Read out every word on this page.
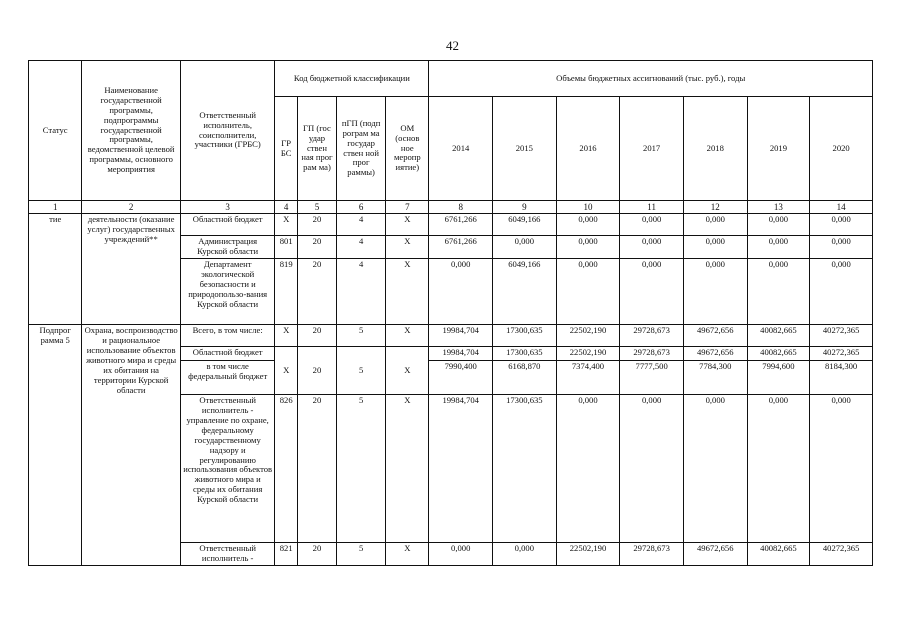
42
Статус	Наименование государственной программы, подпрограммы государственной программы, ведомственной целевой программы, основного мероприятия	Ответственный исполнитель, соисполнители, участники (ГРБС)	Код бюджетной классификации				Объемы бюджетных ассигнований (тыс. руб.), годы						
			ГР БС	ГП (гос удар ствен ная прог рам ма)	пГП (подп рограм ма государ ствен ной прог раммы)	ОМ (основ ное меропр иятие)	2014	2015	2016	2017	2018	2019	2020
1	2	3	4	5	6	7	8	9	10	11	12	13	14
тие	деятельности (оказание услуг) государственных учреждений**	Областной бюджет	Х	20	4	Х	6761,266	6049,166	0,000	0,000	0,000	0,000	0,000
		Администрация Курской области	801	20	4	Х	6761,266	0,000	0,000	0,000	0,000	0,000	0,000
		Департамент экологической безопасности и природопользо-вания Курской области	819	20	4	Х	0,000	6049,166	0,000	0,000	0,000	0,000	0,000
Подпрог рамма 5	Охрана, воспроизводство и рациональное использование объектов животного мира и среды их обитания на территории Курской области	Всего, в том числе:	Х	20	5	Х	19984,704	17300,635	22502,190	29728,673	49672,656	40082,665	40272,365
		Областной бюджет	Х	20	5	Х	19984,704	17300,635	22502,190	29728,673	49672,656	40082,665	40272,365
		в том числе федеральный бюджет					7990,400	6168,870	7374,400	7777,500	7784,300	7994,600	8184,300
		Ответственный исполнитель - управление по охране, федеральному государственному надзору и регулированию использования объектов животного мира и среды их обитания Курской области	826	20	5	Х	19984,704	17300,635	0,000	0,000	0,000	0,000	0,000
		Ответственный исполнитель -	821	20	5	Х	0,000	0,000	22502,190	29728,673	49672,656	40082,665	40272,365
